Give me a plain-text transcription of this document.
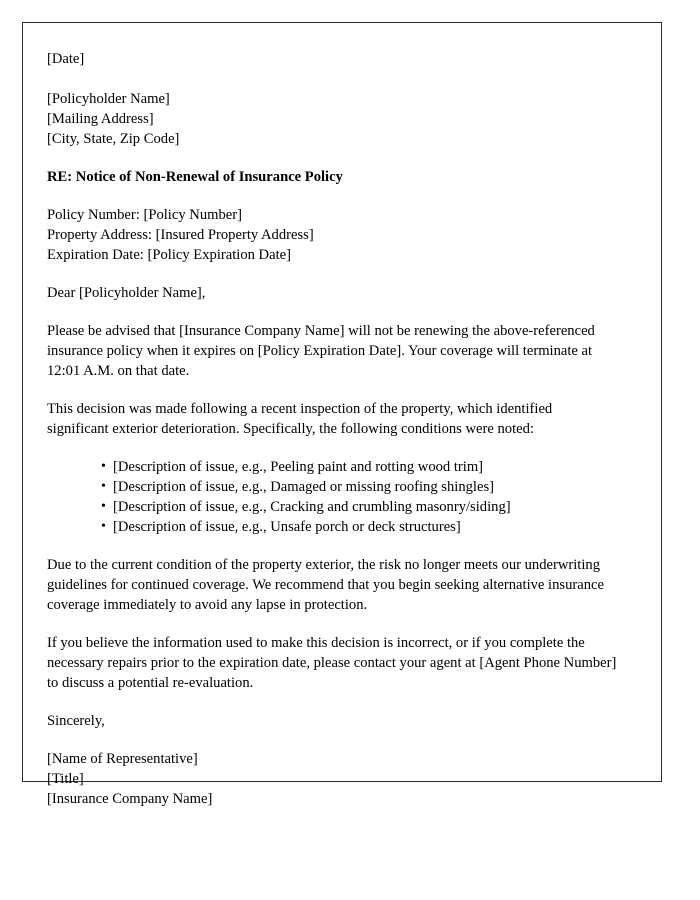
[Date]
[Policyholder Name]
[Mailing Address]
[City, State, Zip Code]
RE: Notice of Non-Renewal of Insurance Policy
Policy Number: [Policy Number]
Property Address: [Insured Property Address]
Expiration Date: [Policy Expiration Date]
Dear [Policyholder Name],

Please be advised that [Insurance Company Name] will not be renewing the above-referenced insurance policy when it expires on [Policy Expiration Date]. Your coverage will terminate at 12:01 A.M. on that date.

This decision was made following a recent inspection of the property, which identified significant exterior deterioration. Specifically, the following conditions were noted:

• [Description of issue, e.g., Peeling paint and rotting wood trim]
• [Description of issue, e.g., Damaged or missing roofing shingles]
• [Description of issue, e.g., Cracking and crumbling masonry/siding]
• [Description of issue, e.g., Unsafe porch or deck structures]

Due to the current condition of the property exterior, the risk no longer meets our underwriting guidelines for continued coverage. We recommend that you begin seeking alternative insurance coverage immediately to avoid any lapse in protection.

If you believe the information used to make this decision is incorrect, or if you complete the necessary repairs prior to the expiration date, please contact your agent at [Agent Phone Number] to discuss a potential re-evaluation.

Sincerely,
[Name of Representative]
[Title]
[Insurance Company Name]
